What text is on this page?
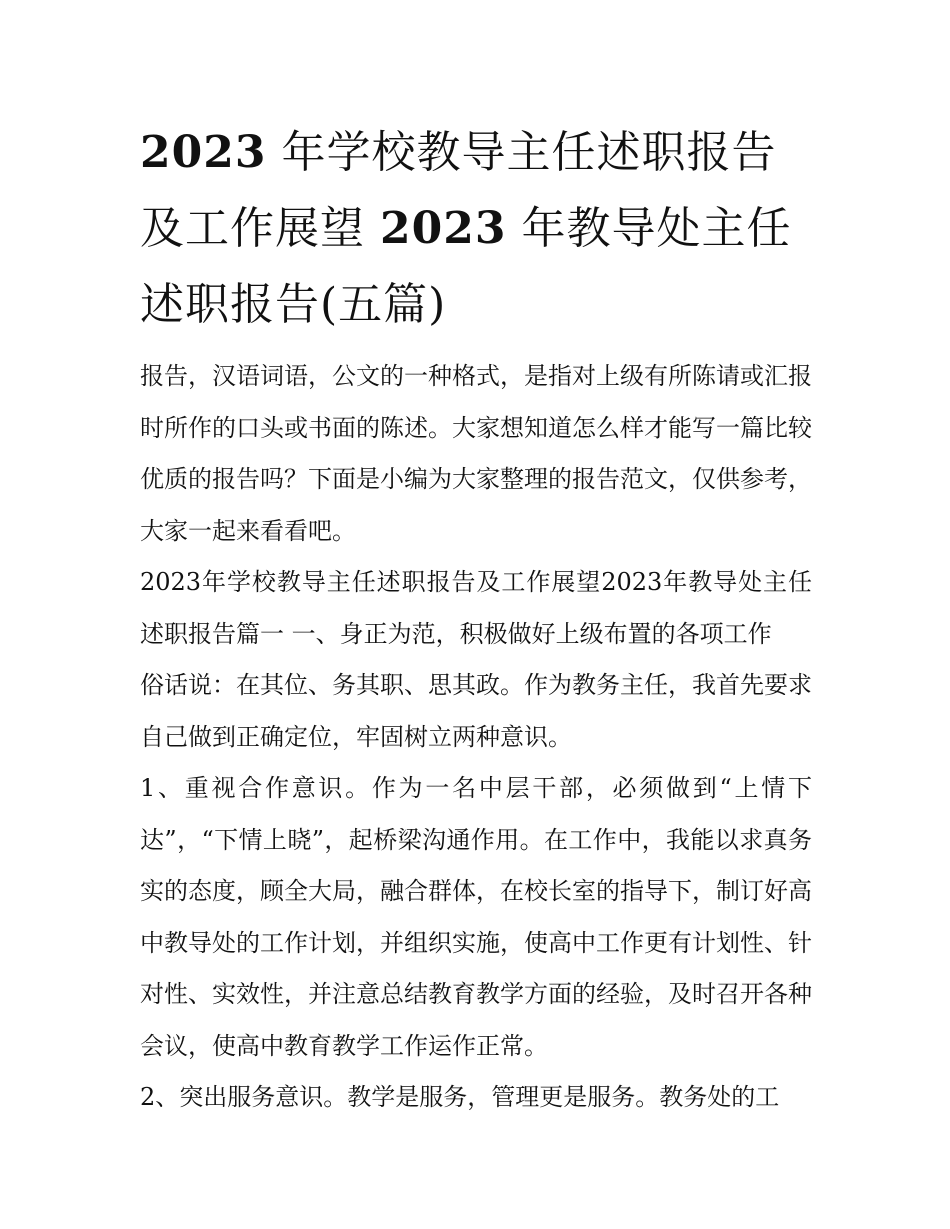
2023 年学校教导主任述职报告及工作展望 2023 年教导处主任述职报告(五篇)

报告，汉语词语，公文的一种格式，是指对上级有所陈请或汇报时所作的口头或书面的陈述。大家想知道怎么样才能写一篇比较优质的报告吗？下面是小编为大家整理的报告范文，仅供参考，大家一起来看看吧。

2023年学校教导主任述职报告及工作展望2023年教导处主任述职报告篇一 一、身正为范，积极做好上级布置的各项工作

俗话说：在其位、务其职、思其政。作为教务主任，我首先要求自己做到正确定位，牢固树立两种意识。

1、重视合作意识。作为一名中层干部，必须做到“上情下达”，“下情上晓”，起桥梁沟通作用。在工作中，我能以求真务实的态度，顾全大局，融合群体，在校长室的指导下，制订好高中教导处的工作计划，并组织实施，使高中工作更有计划性、针对性、实效性，并注意总结教育教学方面的经验，及时召开各种会议，使高中教育教学工作运作正常。

2、突出服务意识。教学是服务，管理更是服务。教务处的工
